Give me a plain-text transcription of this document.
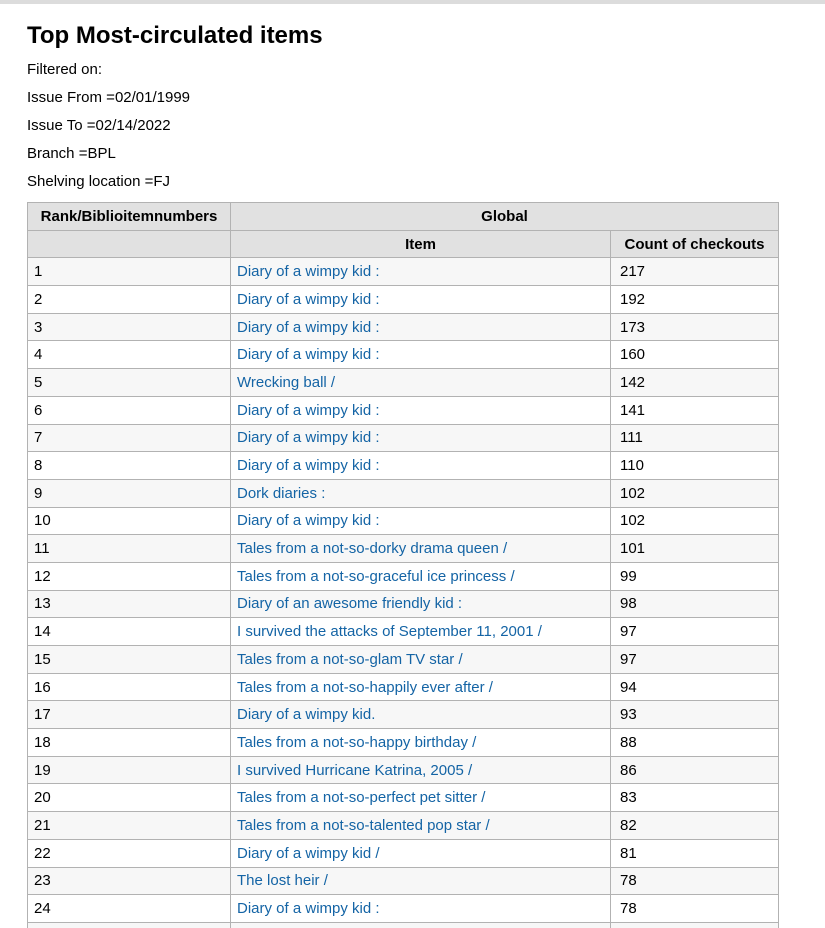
Top Most-circulated items

Filtered on:

Issue From =02/01/1999

Issue To =02/14/2022

Branch =BPL

Shelving location =FJ

Rank/Biblioitemnumbers	Global	
	Item	Count of checkouts
1	Diary of a wimpy kid :	217
2	Diary of a wimpy kid :	192
3	Diary of a wimpy kid :	173
4	Diary of a wimpy kid :	160
5	Wrecking ball /	142
6	Diary of a wimpy kid :	141
7	Diary of a wimpy kid :	111
8	Diary of a wimpy kid :	110
9	Dork diaries :	102
10	Diary of a wimpy kid :	102
11	Tales from a not-so-dorky drama queen /	101
12	Tales from a not-so-graceful ice princess /	99
13	Diary of an awesome friendly kid :	98
14	I survived the attacks of September 11, 2001 /	97
15	Tales from a not-so-glam TV star /	97
16	Tales from a not-so-happily ever after /	94
17	Diary of a wimpy kid.	93
18	Tales from a not-so-happy birthday /	88
19	I survived Hurricane Katrina, 2005 /	86
20	Tales from a not-so-perfect pet sitter /	83
21	Tales from a not-so-talented pop star /	82
22	Diary of a wimpy kid /	81
23	The lost heir /	78
24	Diary of a wimpy kid :	78
